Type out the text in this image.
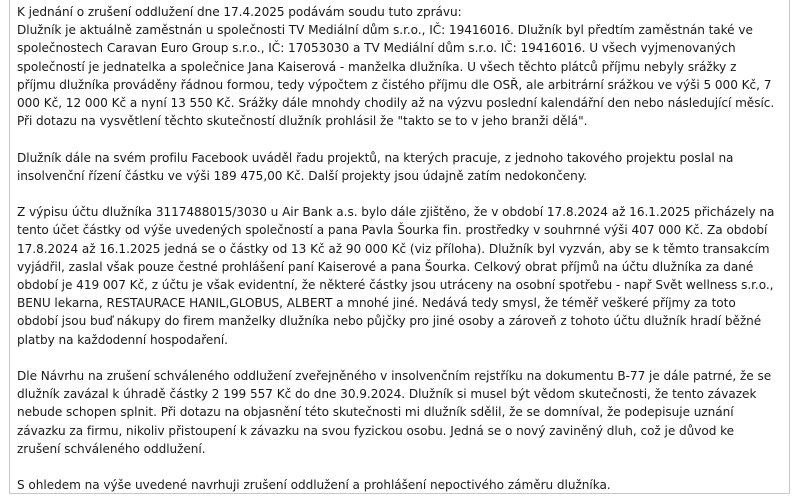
K jednání o zrušení oddlužení dne 17.4.2025 podávám soudu tuto zprávu:
Dlužník je aktuálně zaměstnán u společnosti TV Mediální dům s.r.o., IČ: 19416016. Dlužník byl předtím zaměstnán také ve
společnostech Caravan Euro Group s.r.o., IČ: 17053030 a TV Mediální dům s.r.o. IČ: 19416016. U všech vyjmenovaných
společností je jednatelka a společnice Jana Kaiserová - manželka dlužníka. U všech těchto plátců příjmu nebyly srážky z
příjmu dlužníka prováděny řádnou formou, tedy výpočtem z čistého příjmu dle OSŘ, ale arbitrární srážkou ve výši 5 000 Kč, 7
000 Kč, 12 000 Kč a nyní 13 550 Kč. Srážky dále mnohdy chodily až na výzvu poslední kalendářní den nebo následující měsíc.
Při dotazu na vysvětlení těchto skutečností dlužník prohlásil že "takto se to v jeho branži dělá".

Dlužník dále na svém profilu Facebook uváděl řadu projektů, na kterých pracuje, z jednoho takového projektu poslal na
insolvenční řízení částku ve výši 189 475,00 Kč. Další projekty jsou údajně zatím nedokončeny.

Z výpisu účtu dlužníka 3117488015/3030 u Air Bank a.s. bylo dále zjištěno, že v období 17.8.2024 až 16.1.2025 přicházely na
tento účet částky od výše uvedených společností a pana Pavla Šourka fin. prostředky v souhrnné výši 407 000 Kč. Za období
17.8.2024 až 16.1.2025 jedná se o částky od 13 Kč až 90 000 Kč (viz příloha). Dlužník byl vyzván, aby se k těmto transakcím
vyjádřil, zaslal však pouze čestné prohlášení paní Kaiserové a pana Šourka. Celkový obrat příjmů na účtu dlužníka za dané
období je 419 007 Kč, z účtu je však evidentní, že některé částky jsou utráceny na osobní spotřebu - např Svět wellness s.r.o.,
BENU lekarna, RESTAURACE HANIL,GLOBUS, ALBERT a mnohé jiné. Nedává tedy smysl, že téměř veškeré příjmy za toto
období jsou buď nákupy do firem manželky dlužníka nebo půjčky pro jiné osoby a zároveň z tohoto účtu dlužník hradí běžné
platby na každodenní hospodaření.

Dle Návrhu na zrušení schváleného oddlužení zveřejněného v insolvenčním rejstříku na dokumentu B-77 je dále patrné, že se
dlužník zavázal k úhradě částky 2 199 557 Kč do dne 30.9.2024. Dlužník si musel být vědom skutečnosti, že tento závazek
nebude schopen splnit. Při dotazu na objasnění této skutečnosti mi dlužník sdělil, že se domníval, že podepisuje uznání
závazku za firmu, nikoliv přistoupení k závazku na svou fyzickou osobu. Jedná se o nový zaviněný dluh, což je důvod ke
zrušení schváleného oddlužení.

S ohledem na výše uvedené navrhuji zrušení oddlužení a prohlášení nepoctivého záměru dlužníka.
